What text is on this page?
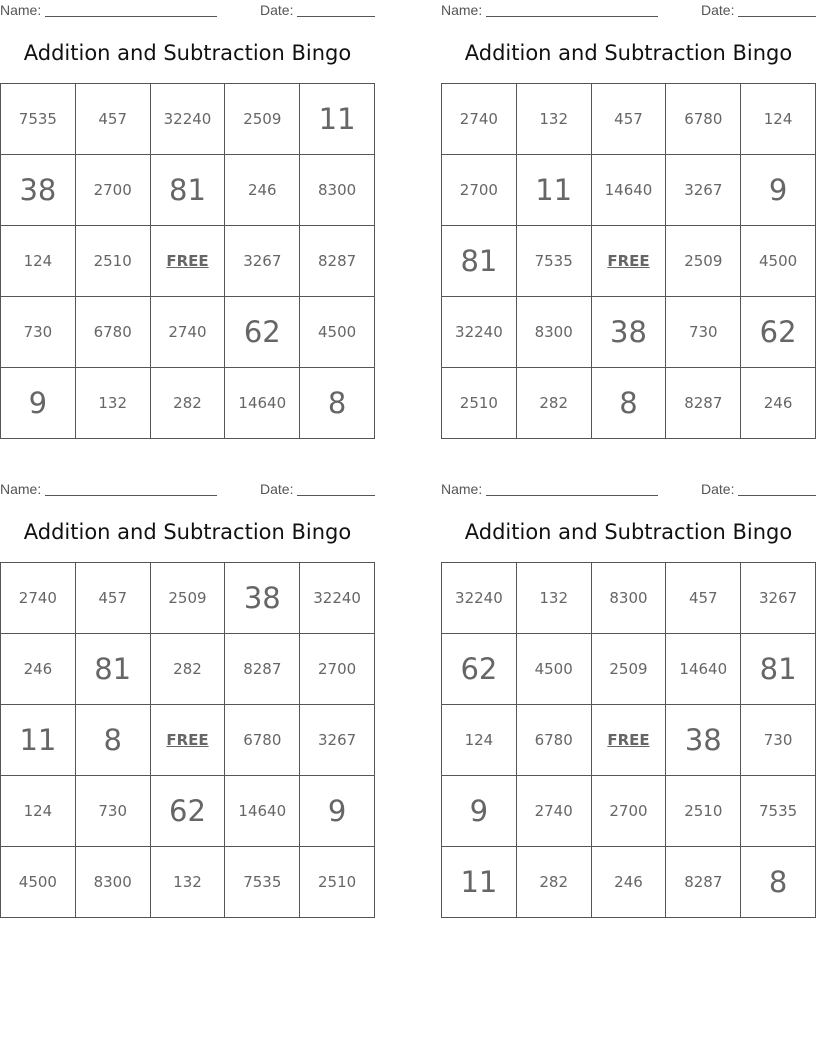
Name:	Date:
Addition and Subtraction Bingo
7535	457	32240	2509	11
38	2700	81	246	8300
124	2510	FREE	3267	8287
730	6780	2740	62	4500
9	132	282	14640	8
Name:	Date:
Addition and Subtraction Bingo
2740	132	457	6780	124
2700	11	14640	3267	9
81	7535	FREE	2509	4500
32240	8300	38	730	62
2510	282	8	8287	246
Name:	Date:
Addition and Subtraction Bingo
2740	457	2509	38	32240
246	81	282	8287	2700
11	8	FREE	6780	3267
124	730	62	14640	9
4500	8300	132	7535	2510
Name:	Date:
Addition and Subtraction Bingo
32240	132	8300	457	3267
62	4500	2509	14640	81
124	6780	FREE	38	730
9	2740	2700	2510	7535
11	282	246	8287	8
